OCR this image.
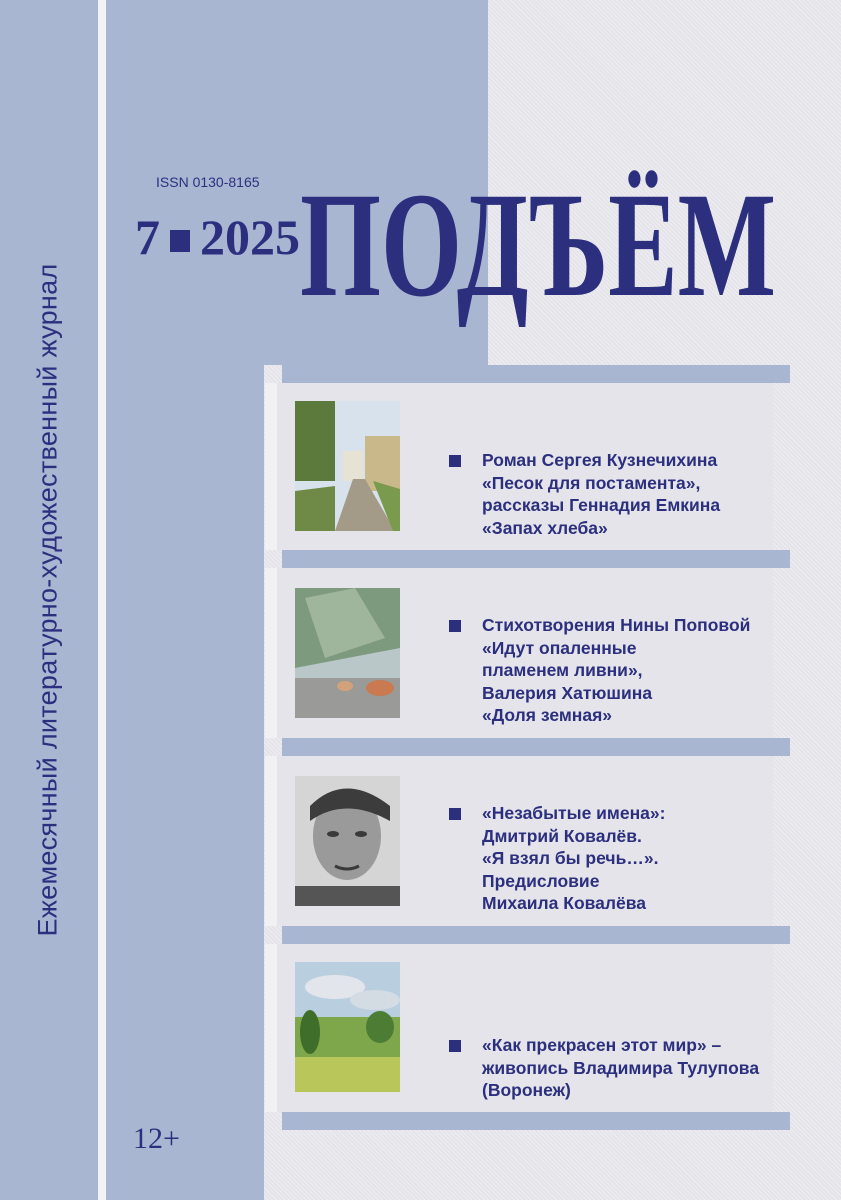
Ежемесячный литературно-художественный журнал
ISSN 0130-8165
7 2025 ПОДЪЁМ
Роман Сергея Кузнечихина
«Песок для постамента»,
рассказы Геннадия Емкина
«Запах хлеба»
Стихотворения Нины Поповой
«Идут опаленные
пламенем ливни»,
Валерия Хатюшина
«Доля земная»
«Незабытые имена»:
Дмитрий Ковалёв.
«Я взял бы речь…».
Предисловие
Михаила Ковалёва
«Как прекрасен этот мир» –
живопись Владимира Тулупова
(Воронеж)
12+
